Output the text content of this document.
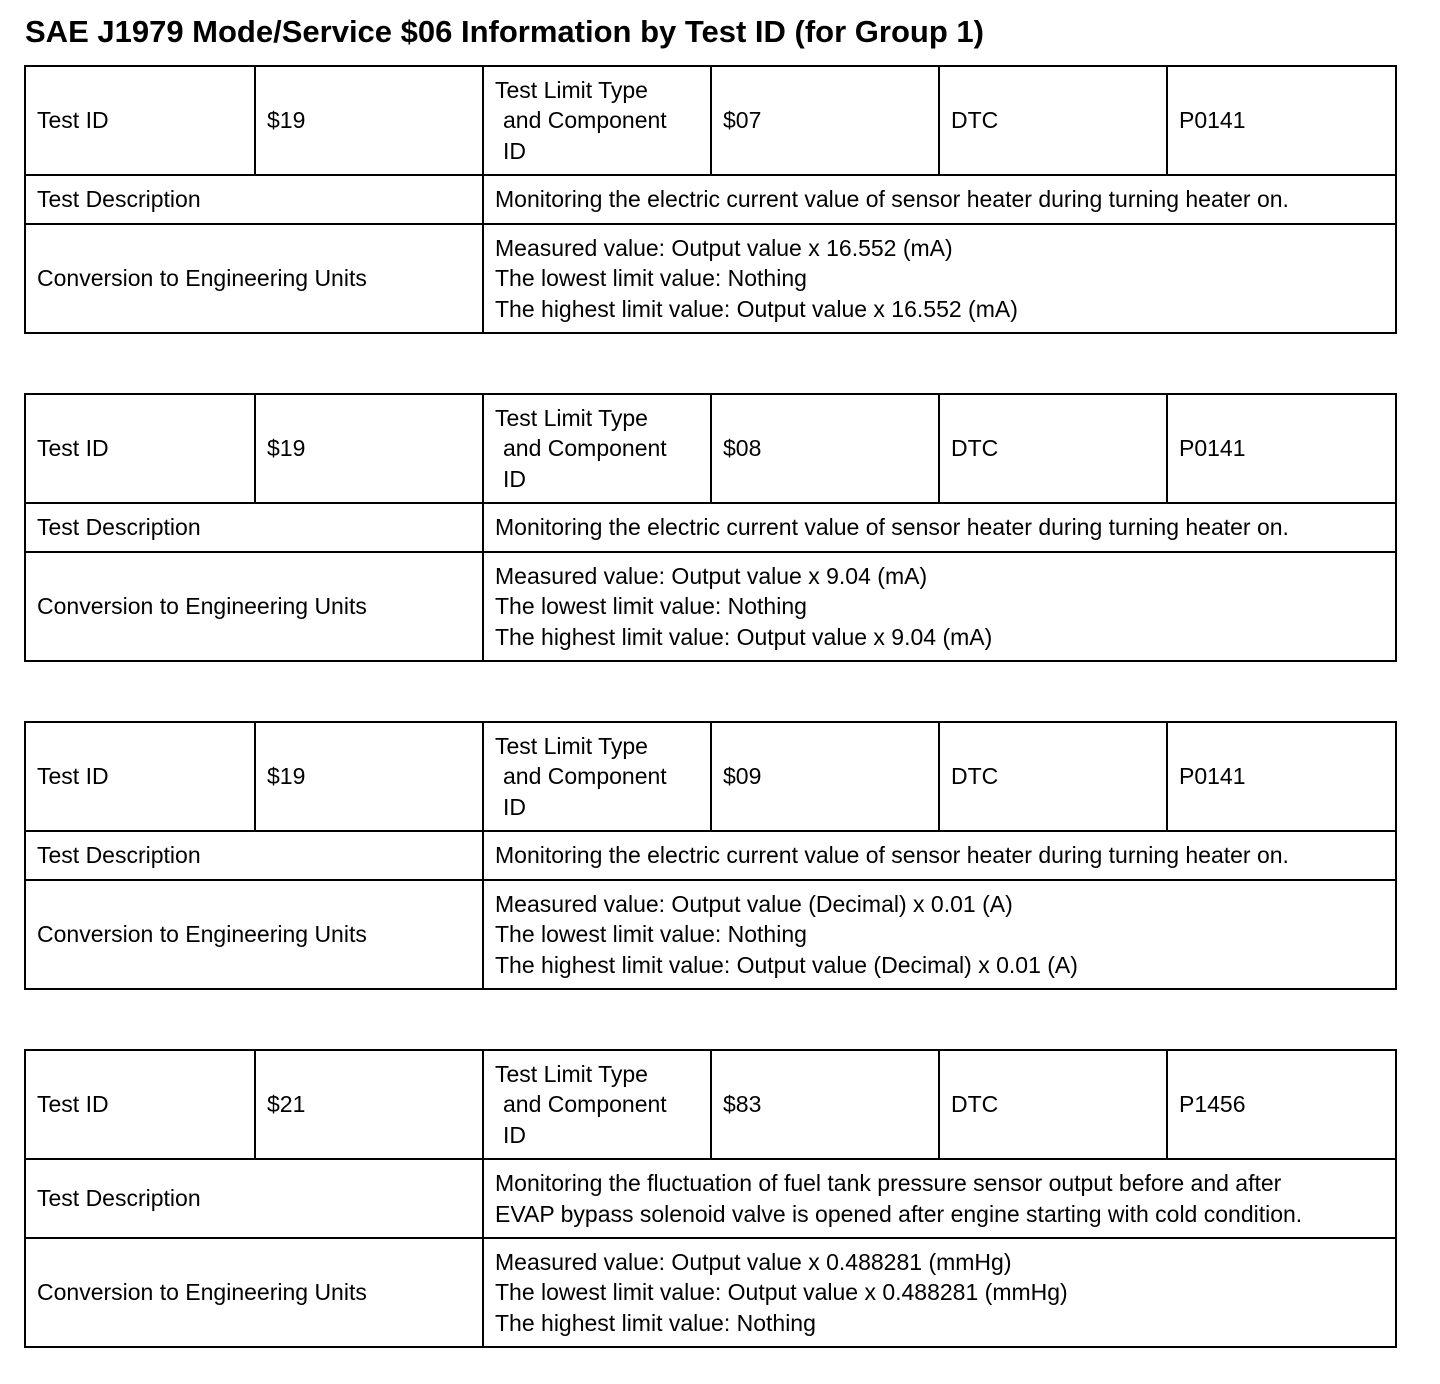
SAE J1979 Mode/Service $06 Information by Test ID (for Group 1)
Test ID	$19	Test Limit Type
and Component
ID	$07	DTC	P0141
Test Description		Monitoring the electric current value of sensor heater during turning heater on.			

Conversion to Engineering Units		Measured value: Output value x 16.552 (mA)
The lowest limit value: Nothing
The highest limit value: Output value x 16.552 (mA)			
Test ID	$19	Test Limit Type
and Component
ID	$08	DTC	P0141
Test Description		Monitoring the electric current value of sensor heater during turning heater on.			

Conversion to Engineering Units		Measured value: Output value x 9.04 (mA)
The lowest limit value: Nothing
The highest limit value: Output value x 9.04 (mA)			
Test ID	$19	Test Limit Type
and Component
ID	$09	DTC	P0141
Test Description		Monitoring the electric current value of sensor heater during turning heater on.			

Conversion to Engineering Units		Measured value: Output value (Decimal) x 0.01 (A)
The lowest limit value: Nothing
The highest limit value: Output value (Decimal) x 0.01 (A)			
Test ID	$21	Test Limit Type
and Component
ID	$83	DTC	P1456
Test Description		Monitoring the fluctuation of fuel tank pressure sensor output before and after
EVAP bypass solenoid valve is opened after engine starting with cold condition.			

Conversion to Engineering Units		Measured value: Output value x 0.488281 (mmHg)
The lowest limit value: Output value x 0.488281 (mmHg)
The highest limit value: Nothing			
